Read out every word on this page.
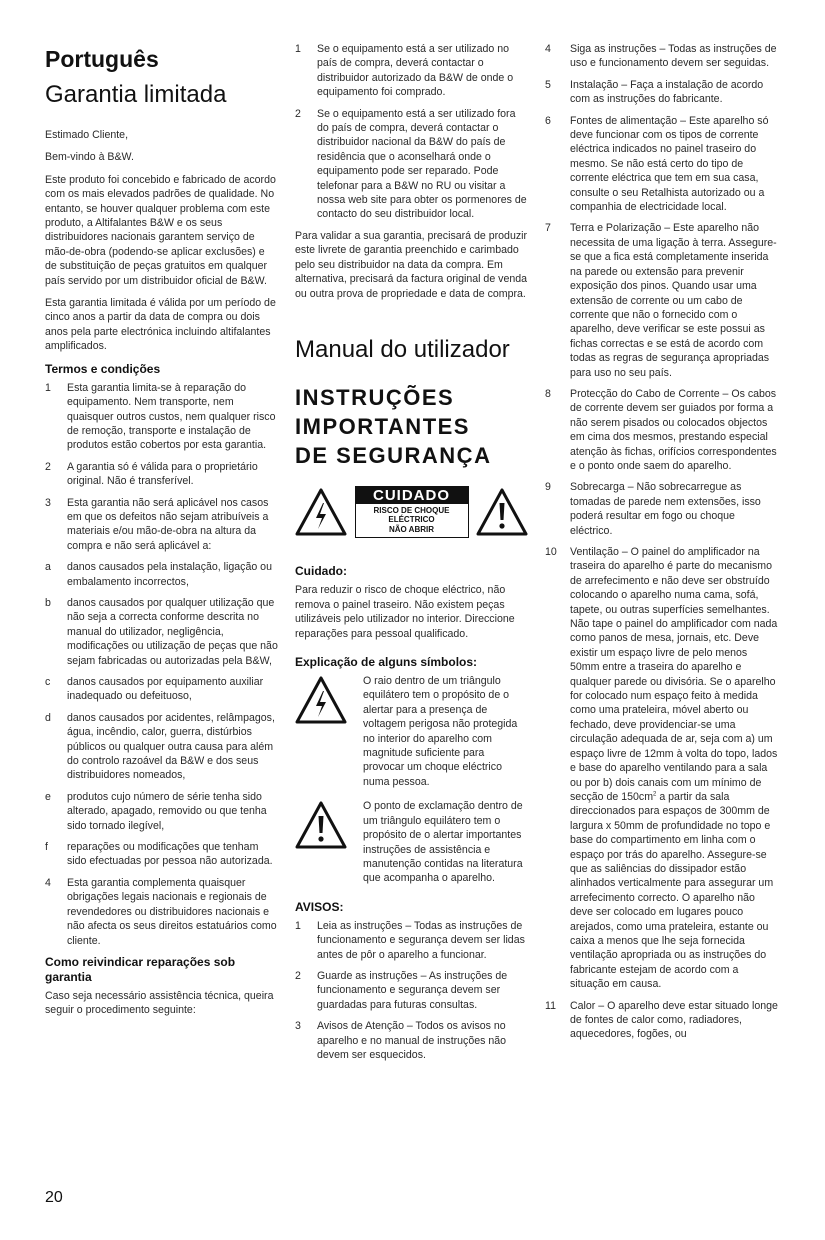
Português
Garantia limitada

Estimado Cliente,

Bem-vindo à B&W.

Este produto foi concebido e fabricado de acordo com os mais elevados padrões de qualidade. No entanto, se houver qualquer problema com este produto, a Altifalantes B&W e os seus distribuidores nacionais garantem serviço de mão-de-obra (podendo-se aplicar exclusões) e de substituição de peças gratuitos em qualquer país servido por um distribuidor oficial de B&W.

Esta garantia limitada é válida por um período de cinco anos a partir da data de compra ou dois anos pela parte electrónica incluindo altifalantes amplificados.

Termos e condições
1	Esta garantia limita-se à reparação do equipamento. Nem transporte, nem quaisquer outros custos, nem qualquer risco de remoção, transporte e instalação de produtos estão cobertos por esta garantia.
2	A garantia só é válida para o proprietário original. Não é transferível.
3	Esta garantia não será aplicável nos casos em que os defeitos não sejam atribuíveis a materiais e/ou mão-de-obra na altura da compra e não será aplicável a:
a	danos causados pela instalação, ligação ou embalamento incorrectos,
b	danos causados por qualquer utilização que não seja a correcta conforme descrita no manual do utilizador, negligência, modificações ou utilização de peças que não sejam fabricadas ou autorizadas pela B&W,
c	danos causados por equipamento auxiliar inadequado ou defeituoso,
d	danos causados por acidentes, relâmpagos, água, incêndio, calor, guerra, distúrbios públicos ou qualquer outra causa para além do controlo razoável da B&W e dos seus distribuidores nomeados,
e	produtos cujo número de série tenha sido alterado, apagado, removido ou que tenha sido tornado ilegível,
f	reparações ou modificações que tenham sido efectuadas por pessoa não autorizada.
4	Esta garantia complementa quaisquer obrigações legais nacionais e regionais de revendedores ou distribuidores nacionais e não afecta os seus direitos estatuários como cliente.
Como reivindicar reparações sob garantia

Caso seja necessário assistência técnica, queira seguir o procedimento seguinte:

1	Se o equipamento está a ser utilizado no país de compra, deverá contactar o distribuidor autorizado da B&W de onde o equipamento foi comprado.
2	Se o equipamento está a ser utilizado fora do país de compra, deverá contactar o distribuidor nacional da B&W do país de residência que o aconselhará onde o equipamento pode ser reparado. Pode telefonar para a B&W no RU ou visitar a nossa web site para obter os pormenores de contacto do seu distribuidor local.

Para validar a sua garantia, precisará de produzir este livrete de garantia preenchido e carimbado pelo seu distribuidor na data da compra. Em alternativa, precisará da factura original de venda ou outra prova de propriedade e data de compra.

Manual do utilizador
INSTRUÇÕES
IMPORTANTES
DE SEGURANÇA
CUIDADO
RISCO DE CHOQUE ELÉCTRICO
NÃO ABRIR
Cuidado:

Para reduzir o risco de choque eléctrico, não remova o painel traseiro. Não existem peças utilizáveis pelo utilizador no interior. Direccione reparações para pessoal qualificado.

Explicação de alguns símbolos:
O raio dentro de um triângulo equilátero tem o propósito de o alertar para a presença de voltagem perigosa não protegida no interior do aparelho com magnitude suficiente para provocar um choque eléctrico numa pessoa.
O ponto de exclamação dentro de um triângulo equilátero tem o propósito de o alertar importantes instruções de assistência e manutenção contidas na literatura que acompanha o aparelho.
AVISOS:
1	Leia as instruções – Todas as instruções de funcionamento e segurança devem ser lidas antes de pôr o aparelho a funcionar.
2	Guarde as instruções – As instruções de funcionamento e segurança devem ser guardadas para futuras consultas.
3	Avisos de Atenção – Todos os avisos no aparelho e no manual de instruções não devem ser esquecidos.
4	Siga as instruções – Todas as instruções de uso e funcionamento devem ser seguidas.
5	Instalação – Faça a instalação de acordo com as instruções do fabricante.
6	Fontes de alimentação – Este aparelho só deve funcionar com os tipos de corrente eléctrica indicados no painel traseiro do mesmo. Se não está certo do tipo de corrente eléctrica que tem em sua casa, consulte o seu Retalhista autorizado ou a companhia de electricidade local.
7	Terra e Polarização – Este aparelho não necessita de uma ligação à terra. Assegure-se que a fica está completamente inserida na parede ou extensão para prevenir exposição dos pinos. Quando usar uma extensão de corrente ou um cabo de corrente que não o fornecido com o aparelho, deve verificar se este possui as fichas correctas e se está de acordo com todas as regras de segurança apropriadas para uso no seu país.
8	Protecção do Cabo de Corrente – Os cabos de corrente devem ser guiados por forma a não serem pisados ou colocados objectos em cima dos mesmos, prestando especial atenção às fichas, orifícios correspondentes e o ponto onde saem do aparelho.
9	Sobrecarga – Não sobrecarregue as tomadas de parede nem extensões, isso poderá resultar em fogo ou choque eléctrico.
10	Ventilação – O painel do amplificador na traseira do aparelho é parte do mecanismo de arrefecimento e não deve ser obstruído colocando o aparelho numa cama, sofá, tapete, ou outras superfícies semelhantes. Não tape o painel do amplificador com nada como panos de mesa, jornais, etc. Deve existir um espaço livre de pelo menos 50mm entre a traseira do aparelho e qualquer parede ou divisória. Se o aparelho for colocado num espaço feito à medida como uma prateleira, móvel aberto ou fechado, deve providenciar-se uma circulação adequada de ar, seja com a) um espaço livre de 12mm à volta do topo, lados e base do aparelho ventilando para a sala ou por b) dois canais com um mínimo de secção de $150cm^2$ a partir da sala direccionados para espaços de 300mm de largura x 50mm de profundidade no topo e base do compartimento em linha com o espaço por trás do aparelho. Assegure-se que as saliências do dissipador estão alinhados verticalmente para assegurar um arrefecimento correcto. O aparelho não deve ser colocado em lugares pouco arejados, como uma prateleira, estante ou caixa a menos que lhe seja fornecida ventilação apropriada ou as instruções do fabricante estejam de acordo com a situação em causa.
11	Calor – O aparelho deve estar situado longe de fontes de calor como, radiadores, aquecedores, fogões, ou
20
